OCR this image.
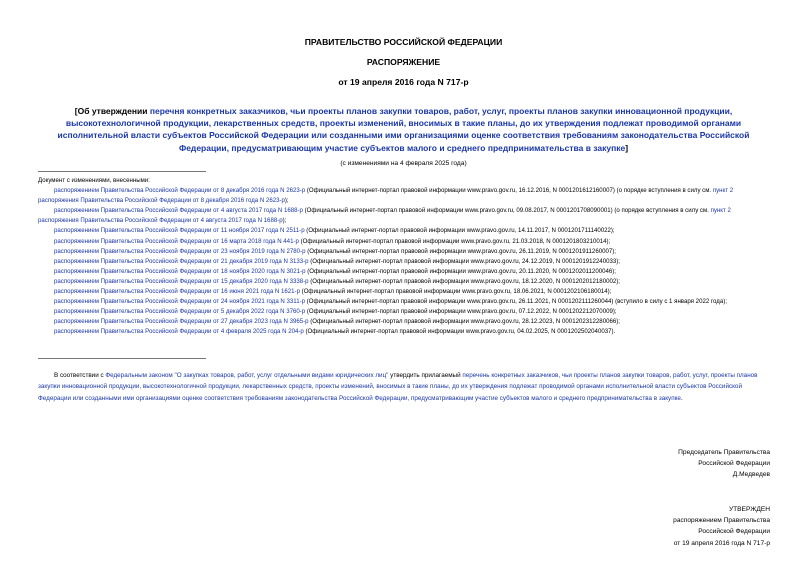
ПРАВИТЕЛЬСТВО РОССИЙСКОЙ ФЕДЕРАЦИИ
РАСПОРЯЖЕНИЕ
от 19 апреля 2016 года N 717-р
[Об утверждении перечня конкретных заказчиков, чьи проекты планов закупки товаров, работ, услуг, проекты планов закупки инновационной продукции, высокотехнологичной продукции, лекарственных средств, проекты изменений, вносимых в такие планы, до их утверждения подлежат проводимой органами исполнительной власти субъектов Российской Федерации или созданными ими организациями оценке соответствия требованиям законодательства Российской Федерации, предусматривающим участие субъектов малого и среднего предпринимательства в закупке]
(с изменениями на 4 февраля 2025 года)
Документ с изменениями, внесенными:
распоряжением Правительства Российской Федерации от 8 декабря 2016 года N 2623-р (Официальный интернет-портал правовой информации www.pravo.gov.ru, 16.12.2016, N 0001201612160007) (о порядке вступления в силу см. пункт 2 распоряжения Правительства Российской Федерации от 8 декабря 2016 года N 2623-р);
распоряжением Правительства Российской Федерации от 4 августа 2017 года N 1688-р (Официальный интернет-портал правовой информации www.pravo.gov.ru, 09.08.2017, N 0001201708090001) (о порядке вступления в силу см. пункт 2 распоряжения Правительства Российской Федерации от 4 августа 2017 года N 1688-р);
распоряжением Правительства Российской Федерации от 11 ноября 2017 года N 2511-р (Официальный интернет-портал правовой информации www.pravo.gov.ru, 14.11.2017, N 0001201711140022);
распоряжением Правительства Российской Федерации от 16 марта 2018 года N 441-р (Официальный интернет-портал правовой информации www.pravo.gov.ru, 21.03.2018, N 0001201803210014);
распоряжением Правительства Российской Федерации от 23 ноября 2019 года N 2780-р (Официальный интернет-портал правовой информации www.pravo.gov.ru, 26.11.2019, N 0001201911260007);
распоряжением Правительства Российской Федерации от 21 декабря 2019 года N 3133-р (Официальный интернет-портал правовой информации www.pravo.gov.ru, 24.12.2019, N 0001201912240033);
распоряжением Правительства Российской Федерации от 18 ноября 2020 года N 3021-р (Официальный интернет-портал правовой информации www.pravo.gov.ru, 20.11.2020, N 0001202011200046);
распоряжением Правительства Российской Федерации от 15 декабря 2020 года N 3338-р (Официальный интернет-портал правовой информации www.pravo.gov.ru, 18.12.2020, N 0001202012180002);
распоряжением Правительства Российской Федерации от 16 июня 2021 года N 1621-р (Официальный интернет-портал правовой информации www.pravo.gov.ru, 18.06.2021, N 0001202106180014);
распоряжением Правительства Российской Федерации от 24 ноября 2021 года N 3311-р (Официальный интернет-портал правовой информации www.pravo.gov.ru, 26.11.2021, N 0001202111260044) (вступило в силу с 1 января 2022 года);
распоряжением Правительства Российской Федерации от 5 декабря 2022 года N 3760-р (Официальный интернет-портал правовой информации www.pravo.gov.ru, 07.12.2022, N 0001202212070009);
распоряжением Правительства Российской Федерации от 27 декабря 2023 года N 3965-р (Официальный интернет-портал правовой информации www.pravo.gov.ru, 28.12.2023, N 0001202312280066);
распоряжением Правительства Российской Федерации от 4 февраля 2025 года N 204-р (Официальный интернет-портал правовой информации www.pravo.gov.ru, 04.02.2025, N 0001202502040037).
В соответствии с Федеральным законом "О закупках товаров, работ, услуг отдельными видами юридических лиц" утвердить прилагаемый перечень конкретных заказчиков, чьи проекты планов закупки товаров, работ, услуг, проекты планов закупки инновационной продукции, высокотехнологичной продукции, лекарственных средств, проекты изменений, вносимых в такие планы, до их утверждения подлежат проводимой органами исполнительной власти субъектов Российской Федерации или созданными ими организациями оценке соответствия требованиям законодательства Российской Федерации, предусматривающим участие субъектов малого и среднего предпринимательства в закупке.
Председатель Правительства
Российской Федерации
Д.Медведев
УТВЕРЖДЕН
распоряжением Правительства
Российской Федерации
от 19 апреля 2016 года N 717-р
